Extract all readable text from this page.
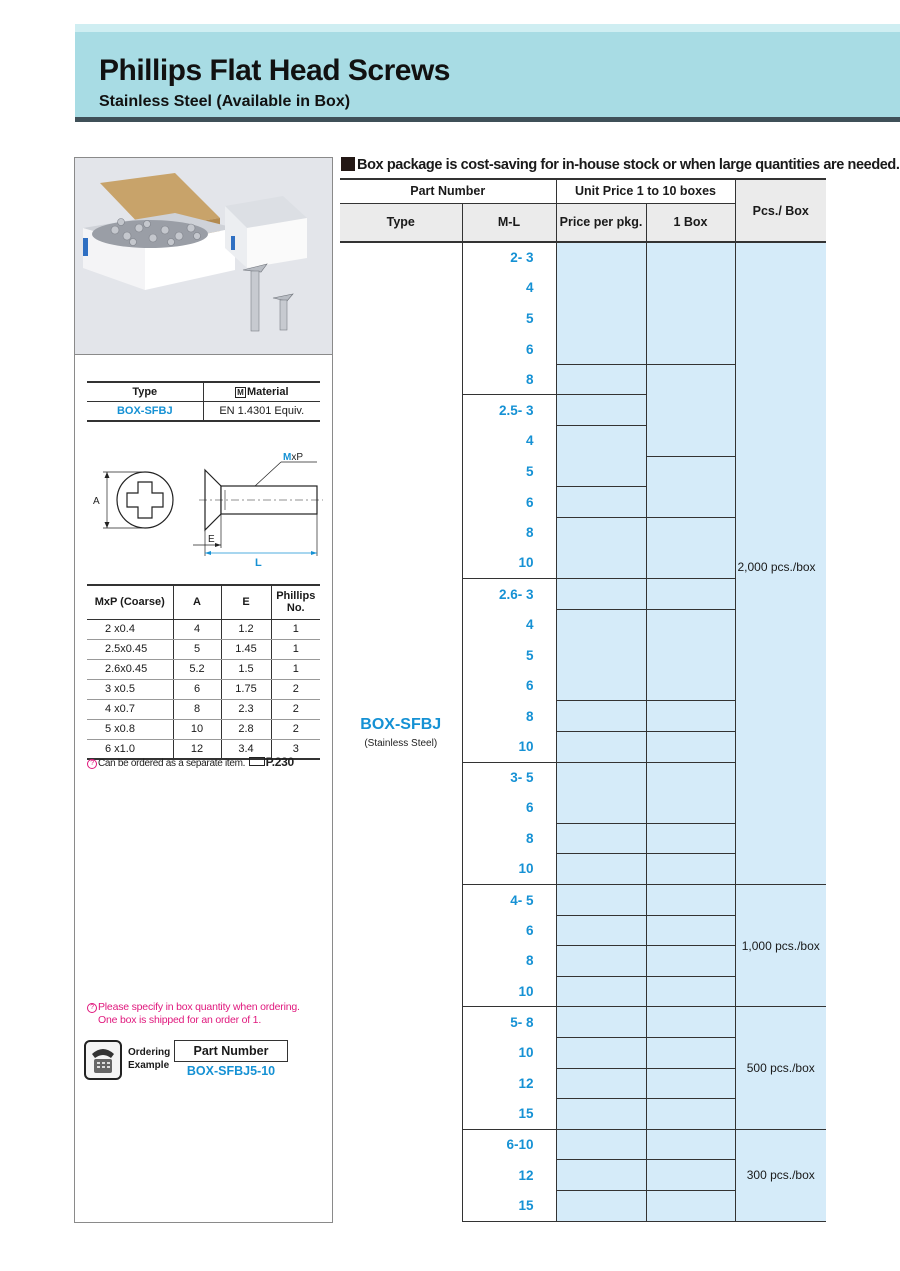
Phillips Flat Head Screws
Stainless Steel (Available in Box)
Type	M Material
BOX-SFBJ	EN 1.4301 Equiv.
A
E
L
MxP
MxP (Coarse)	A	E	Phillips No.
2 x0.4	4	1.2	1
2.5x0.45	5	1.45	1
2.6x0.45	5.2	1.5	1
3 x0.5	6	1.75	2
4 x0.7	8	2.3	2
5 x0.8	10	2.8	2
6 x1.0	12	3.4	3
? Can be ordered as a separate item. P.230
? Please specify in box quantity when ordering.
One box is shipped for an order of 1.
Ordering
Example
Part Number
BOX-SFBJ5-10
Box package is cost-saving for in-house stock or when large quantities are needed.
Part Number		Unit Price 1 to 10 boxes		Pcs./ Box
Type	M-L	Price per pkg.	1 Box	

BOX-SFBJ
(Stainless Steel)	2- 3			2,000 pcs./box
	4			
	5			
	6			
	8			
	2.5- 3			
	4			
	5			
	6			
	8			
	10			
	2.6- 3			
	4			
	5			
	6			
	8			
	10			
	3- 5			
	6			
	8			
	10			
	4- 5			1,000 pcs./box
	6			
	8			
	10			
	5- 8			500 pcs./box
	10			
	12			
	15			
	6-10			300 pcs./box
	12			
	15			
